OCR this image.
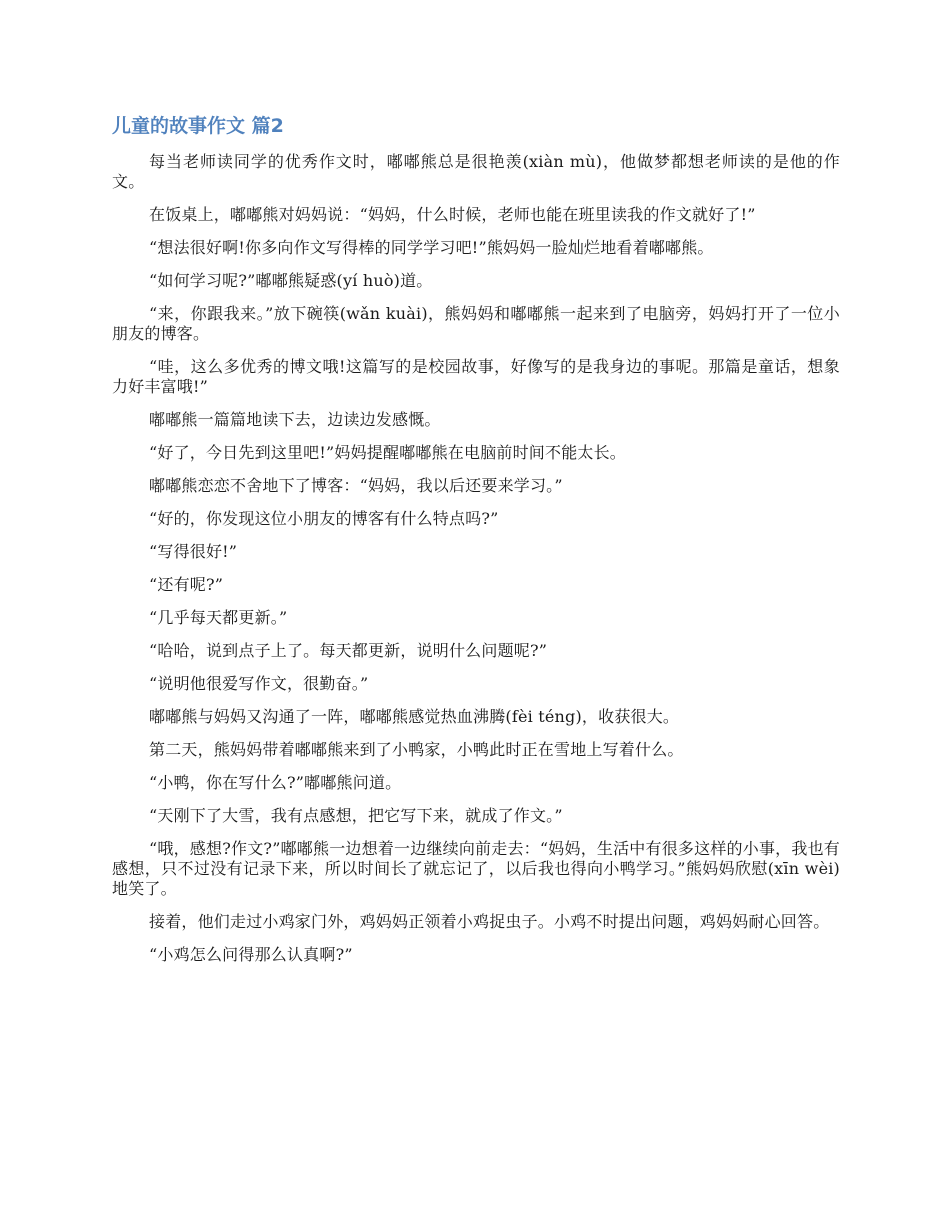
儿童的故事作文 篇2

每当老师读同学的优秀作文时，嘟嘟熊总是很艳羡(xiàn mù)，他做梦都想老师读的是他的作文。

在饭桌上，嘟嘟熊对妈妈说：“妈妈，什么时候，老师也能在班里读我的作文就好了!”

“想法很好啊!你多向作文写得棒的同学学习吧!”熊妈妈一脸灿烂地看着嘟嘟熊。

“如何学习呢?”嘟嘟熊疑惑(yí huò)道。

“来，你跟我来。”放下碗筷(wǎn kuài)，熊妈妈和嘟嘟熊一起来到了电脑旁，妈妈打开了一位小朋友的博客。

“哇，这么多优秀的博文哦!这篇写的是校园故事，好像写的是我身边的事呢。那篇是童话，想象力好丰富哦!”

嘟嘟熊一篇篇地读下去，边读边发感慨。

“好了，今日先到这里吧!”妈妈提醒嘟嘟熊在电脑前时间不能太长。

嘟嘟熊恋恋不舍地下了博客：“妈妈，我以后还要来学习。”

“好的，你发现这位小朋友的博客有什么特点吗?”

“写得很好!”

“还有呢?”

“几乎每天都更新。”

“哈哈，说到点子上了。每天都更新，说明什么问题呢?”

“说明他很爱写作文，很勤奋。”

嘟嘟熊与妈妈又沟通了一阵，嘟嘟熊感觉热血沸腾(fèi téng)，收获很大。

第二天，熊妈妈带着嘟嘟熊来到了小鸭家，小鸭此时正在雪地上写着什么。

“小鸭，你在写什么?”嘟嘟熊问道。

“天刚下了大雪，我有点感想，把它写下来，就成了作文。”

“哦，感想?作文?”嘟嘟熊一边想着一边继续向前走去：“妈妈，生活中有很多这样的小事，我也有感想，只不过没有记录下来，所以时间长了就忘记了，以后我也得向小鸭学习。”熊妈妈欣慰(xīn wèi)地笑了。

接着，他们走过小鸡家门外，鸡妈妈正领着小鸡捉虫子。小鸡不时提出问题，鸡妈妈耐心回答。

“小鸡怎么问得那么认真啊?”
